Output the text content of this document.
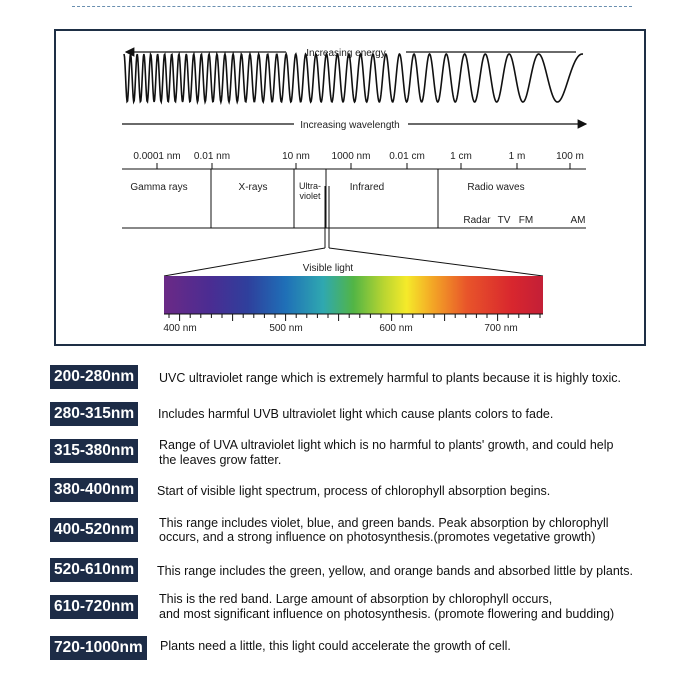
Increasing energy
Increasing wavelength
0.0001 nm 0.01 nm	10 nm 1000 nm 0.01 cm	1 cm	1 m	100 m
Gamma rays	X-rays	Ultra-
violet
Infrared	Radio waves
Radar TV FM	AM
Visible light
400 nm	500 nm	600 nm	700 nm
200-280nm	UVC ultraviolet range which is extremely harmful to plants because it is highly toxic.
280-315nm	Includes harmful UVB ultraviolet light which cause plants colors to fade.
315-380nm	Range of UVA ultraviolet light which is no harmful to plants' growth, and could help
the leaves grow fatter.
380-400nm	Start of visible light spectrum, process of chlorophyll absorption begins.
400-520nm	This range includes violet, blue, and green bands. Peak absorption by chlorophyll
occurs, and a strong influence on photosynthesis.(promotes vegetative growth)
520-610nm	This range includes the green, yellow, and orange bands and absorbed little by plants.
610-720nm	This is the red band. Large amount of absorption by chlorophyll occurs,
and most significant influence on photosynthesis. (promote flowering and budding)
720-1000nm	Plants need a little, this light could accelerate the growth of cell.
